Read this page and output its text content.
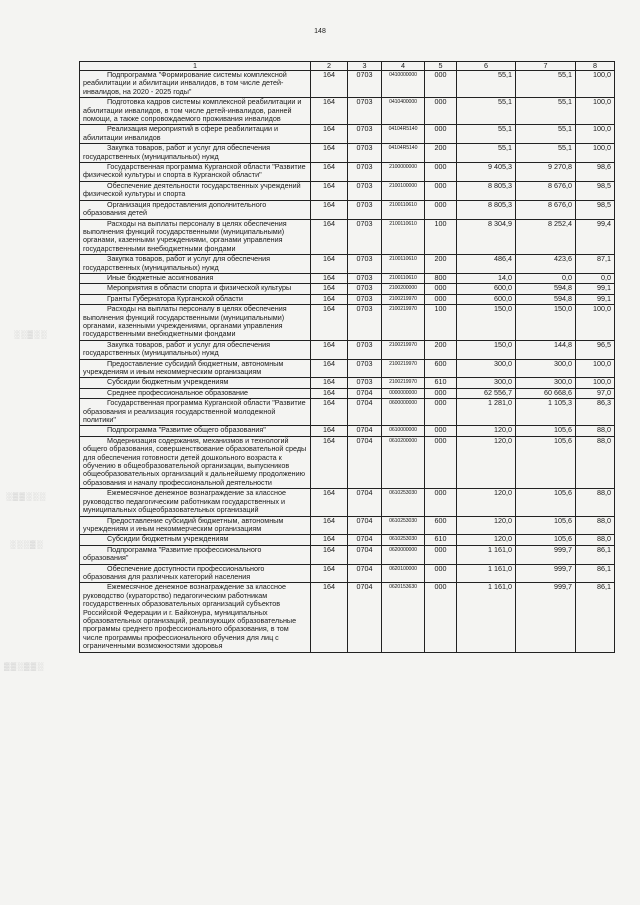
148
░░▒░░
░▒▒░░░
░░░▒░
▒▒░▒▒░
1	2	3	4	5	6	7	8
Подпрограмма "Формирование системы комплексной реабилитации и абилитации инвалидов, в том числе детей-инвалидов, на 2020 - 2025 годы"	164	0703	0410000000	000	55,1	55,1	100,0
Подготовка кадров системы комплексной реабилитации и абилитации инвалидов, в том числе детей-инвалидов, ранней помощи, а также сопровождаемого проживания инвалидов	164	0703	0410400000	000	55,1	55,1	100,0
Реализация мероприятий в сфере реабилитации и абилитации инвалидов	164	0703	04104R5140	000	55,1	55,1	100,0
Закупка товаров, работ и услуг для обеспечения государственных (муниципальных) нужд	164	0703	04104R5140	200	55,1	55,1	100,0
Государственная программа Курганской области "Развитие физической культуры и спорта в Курганской области"	164	0703	2100000000	000	9 405,3	9 270,8	98,6
Обеспечение деятельности государственных учреждений физической культуры и спорта	164	0703	2100100000	000	8 805,3	8 676,0	98,5
Организация предоставления дополнительного образования детей	164	0703	2100110610	000	8 805,3	8 676,0	98,5
Расходы на выплаты персоналу в целях обеспечения выполнения функций государственными (муниципальными) органами, казенными учреждениями, органами управления государственными внебюджетными фондами	164	0703	2100110610	100	8 304,9	8 252,4	99,4
Закупка товаров, работ и услуг для обеспечения государственных (муниципальных) нужд	164	0703	2100110610	200	486,4	423,6	87,1
Иные бюджетные ассигнования	164	0703	2100110610	800	14,0	0,0	0,0
Мероприятия в области спорта и физической культуры	164	0703	2100200000	000	600,0	594,8	99,1
Гранты Губернатора Курганской области	164	0703	2100219970	000	600,0	594,8	99,1
Расходы на выплаты персоналу в целях обеспечения выполнения функций государственными (муниципальными) органами, казенными учреждениями, органами управления государственными внебюджетными фондами	164	0703	2100219970	100	150,0	150,0	100,0
Закупка товаров, работ и услуг для обеспечения государственных (муниципальных) нужд	164	0703	2100219970	200	150,0	144,8	96,5
Предоставление субсидий бюджетным, автономным учреждениям и иным некоммерческим организациям	164	0703	2100219970	600	300,0	300,0	100,0
Субсидии бюджетным учреждениям	164	0703	2100219970	610	300,0	300,0	100,0
Среднее профессиональное образование	164	0704	0000000000	000	62 556,7	60 668,6	97,0
Государственная программа Курганской области "Развитие образования и реализация государственной молодежной политики"	164	0704	0600000000	000	1 281,0	1 105,3	86,3
Подпрограмма "Развитие общего образования"	164	0704	0610000000	000	120,0	105,6	88,0
Модернизация содержания, механизмов и технологий общего образования, совершенствование образовательной среды для обеспечения готовности детей дошкольного возраста к обучению в общеобразовательной организации, выпускников общеобразовательных организаций к дальнейшему продолжению образования и началу профессиональной деятельности	164	0704	0610200000	000	120,0	105,6	88,0
Ежемесячное денежное вознаграждение за классное руководство педагогическим работникам государственных и муниципальных общеобразовательных организаций	164	0704	0610253030	000	120,0	105,6	88,0
Предоставление субсидий бюджетным, автономным учреждениям и иным некоммерческим организациям	164	0704	0610253030	600	120,0	105,6	88,0
Субсидии бюджетным учреждениям	164	0704	0610253030	610	120,0	105,6	88,0
Подпрограмма "Развитие профессионального образования"	164	0704	0620000000	000	1 161,0	999,7	86,1
Обеспечение доступности профессионального образования для различных категорий населения	164	0704	0620100000	000	1 161,0	999,7	86,1
Ежемесячное денежное вознаграждение за классное руководство (кураторство) педагогическим работникам государственных образовательных организаций субъектов Российской Федерации и г. Байконура, муниципальных образовательных организаций, реализующих образовательные программы среднего профессионального образования, в том числе программы профессионального обучения для лиц с ограниченными возможностями здоровья	164	0704	0620153630	000	1 161,0	999,7	86,1
